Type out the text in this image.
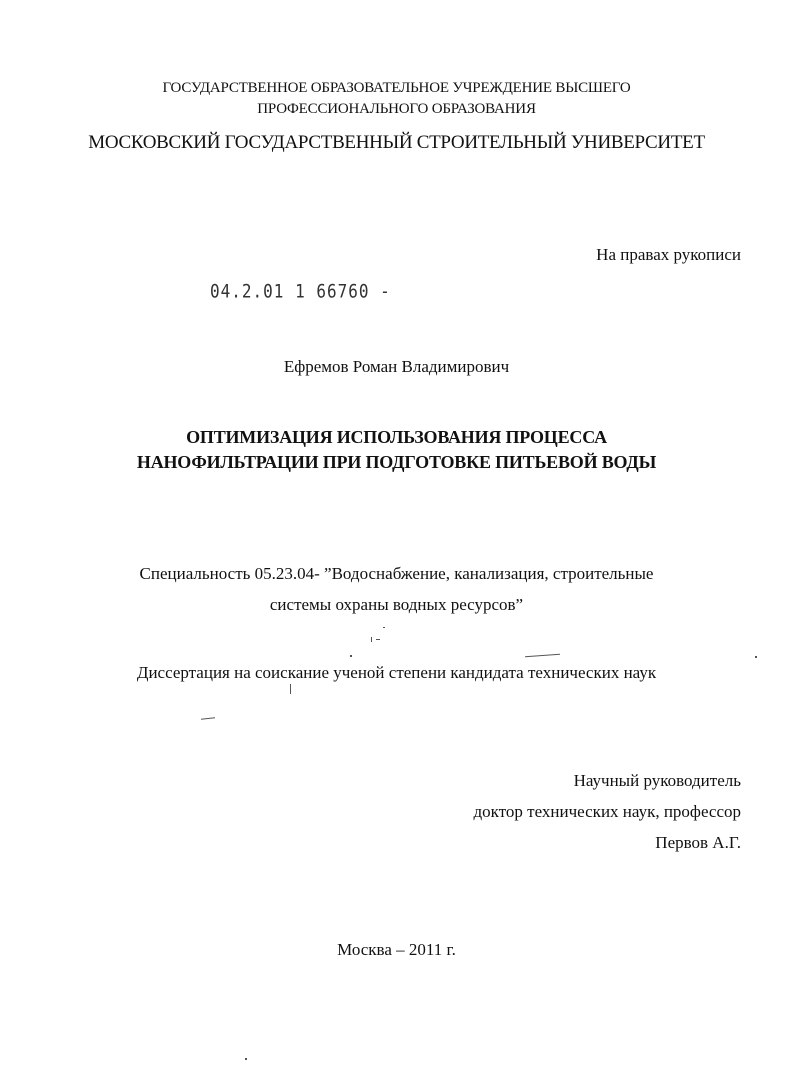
ГОСУДАРСТВЕННОЕ ОБРАЗОВАТЕЛЬНОЕ УЧРЕЖДЕНИЕ ВЫСШЕГО
ПРОФЕССИОНАЛЬНОГО ОБРАЗОВАНИЯ
МОСКОВСКИЙ ГОСУДАРСТВЕННЫЙ СТРОИТЕЛЬНЫЙ УНИВЕРСИТЕТ
На правах рукописи
04.2.01 1 66760 -
Ефремов Роман Владимирович
ОПТИМИЗАЦИЯ ИСПОЛЬЗОВАНИЯ ПРОЦЕССА
НАНОФИЛЬТРАЦИИ ПРИ ПОДГОТОВКЕ ПИТЬЕВОЙ ВОДЫ
Специальность 05.23.04- ”Водоснабжение, канализация, строительные
системы охраны водных ресурсов”
Диссертация на соискание ученой степени кандидата технических наук
Научный руководитель
доктор технических наук, профессор
Первов А.Г.
Москва – 2011 г.
